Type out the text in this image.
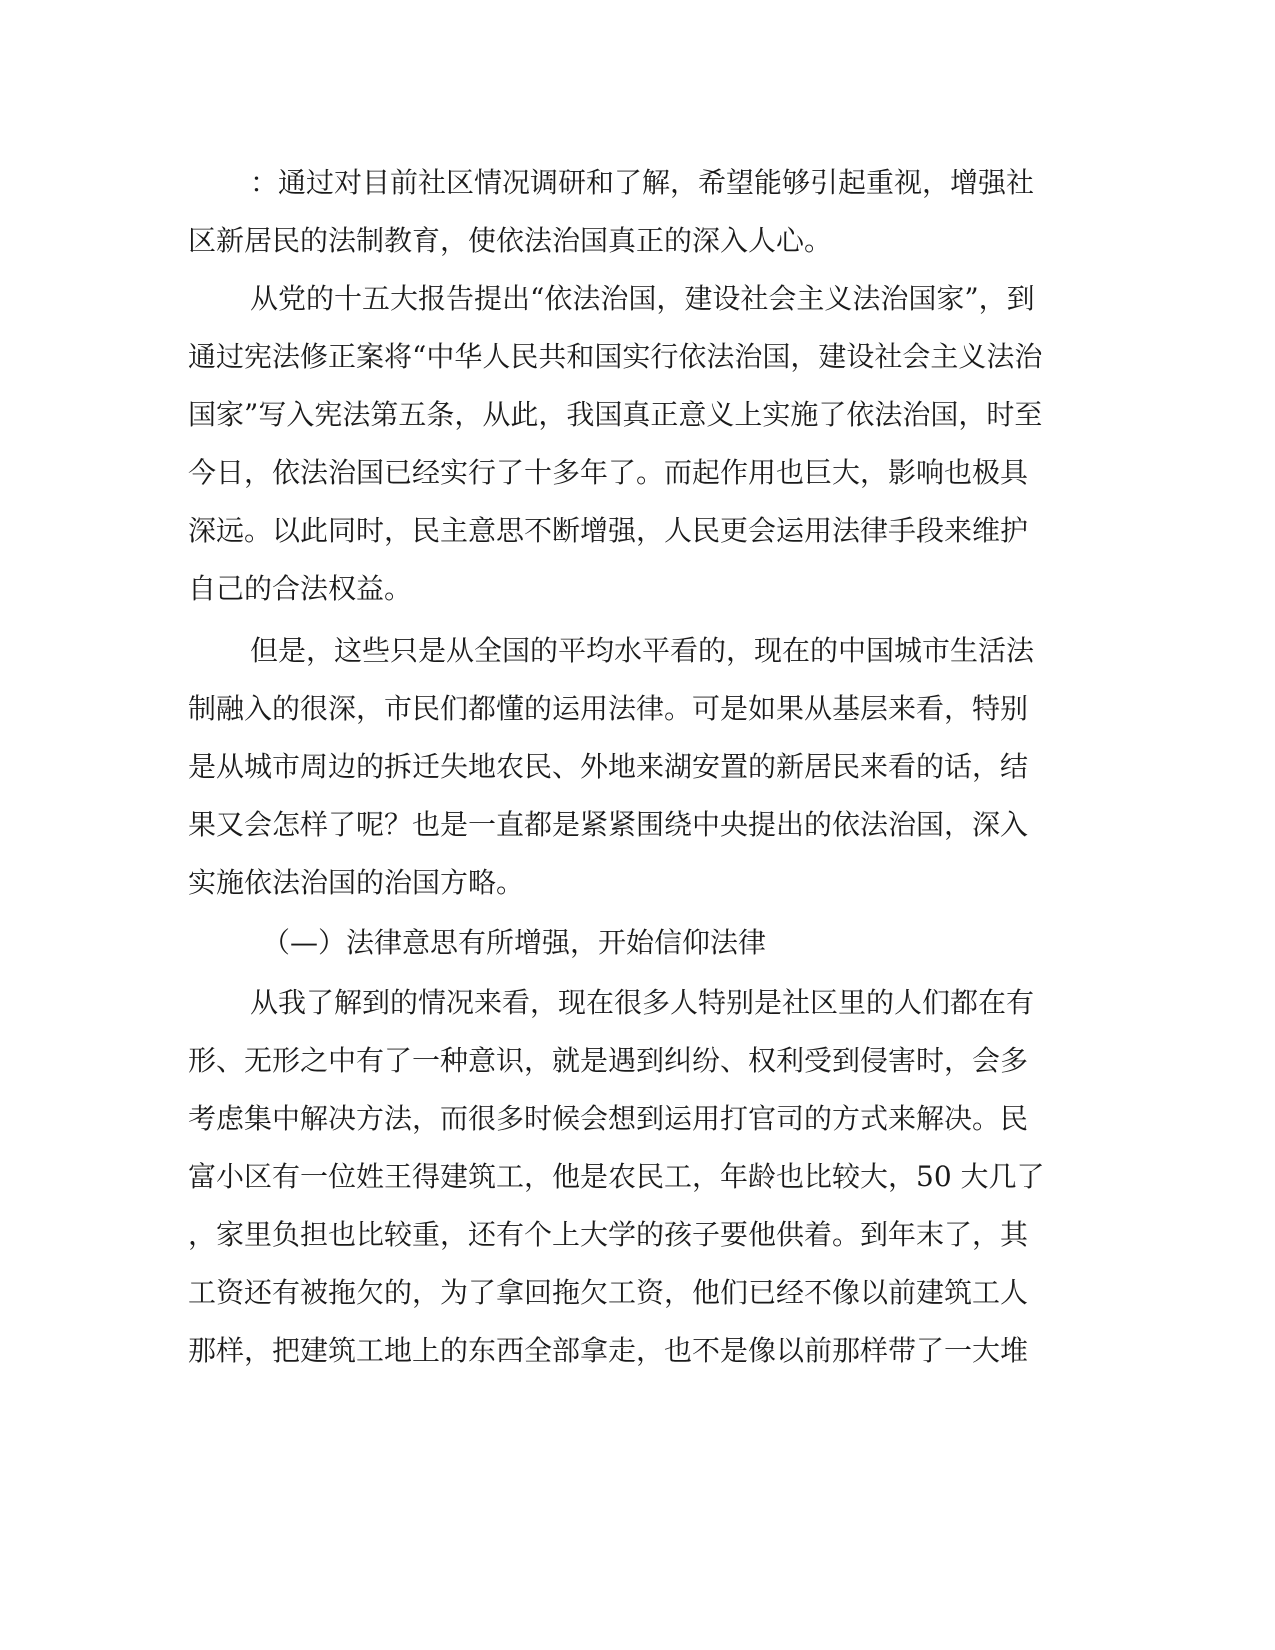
：通过对目前社区情况调研和了解，希望能够引起重视，增强社
区新居民的法制教育，使依法治国真正的深入人心。
从党的十五大报告提出“依法治国，建设社会主义法治国家”，到
通过宪法修正案将“中华人民共和国实行依法治国，建设社会主义法治
国家”写入宪法第五条，从此，我国真正意义上实施了依法治国，时至
今日，依法治国已经实行了十多年了。而起作用也巨大，影响也极具
深远。以此同时，民主意思不断增强，人民更会运用法律手段来维护
自己的合法权益。
但是，这些只是从全国的平均水平看的，现在的中国城市生活法
制融入的很深，市民们都懂的运用法律。可是如果从基层来看，特别
是从城市周边的拆迁失地农民、外地来湖安置的新居民来看的话，结
果又会怎样了呢？也是一直都是紧紧围绕中央提出的依法治国，深入
实施依法治国的治国方略。
（—）法律意思有所增强，开始信仰法律
从我了解到的情况来看，现在很多人特别是社区里的人们都在有
形、无形之中有了一种意识，就是遇到纠纷、权利受到侵害时，会多
考虑集中解决方法，而很多时候会想到运用打官司的方式来解决。民
富小区有一位姓王得建筑工，他是农民工，年龄也比较大，50 大几了
，家里负担也比较重，还有个上大学的孩子要他供着。到年末了，其
工资还有被拖欠的，为了拿回拖欠工资，他们已经不像以前建筑工人
那样，把建筑工地上的东西全部拿走，也不是像以前那样带了一大堆
